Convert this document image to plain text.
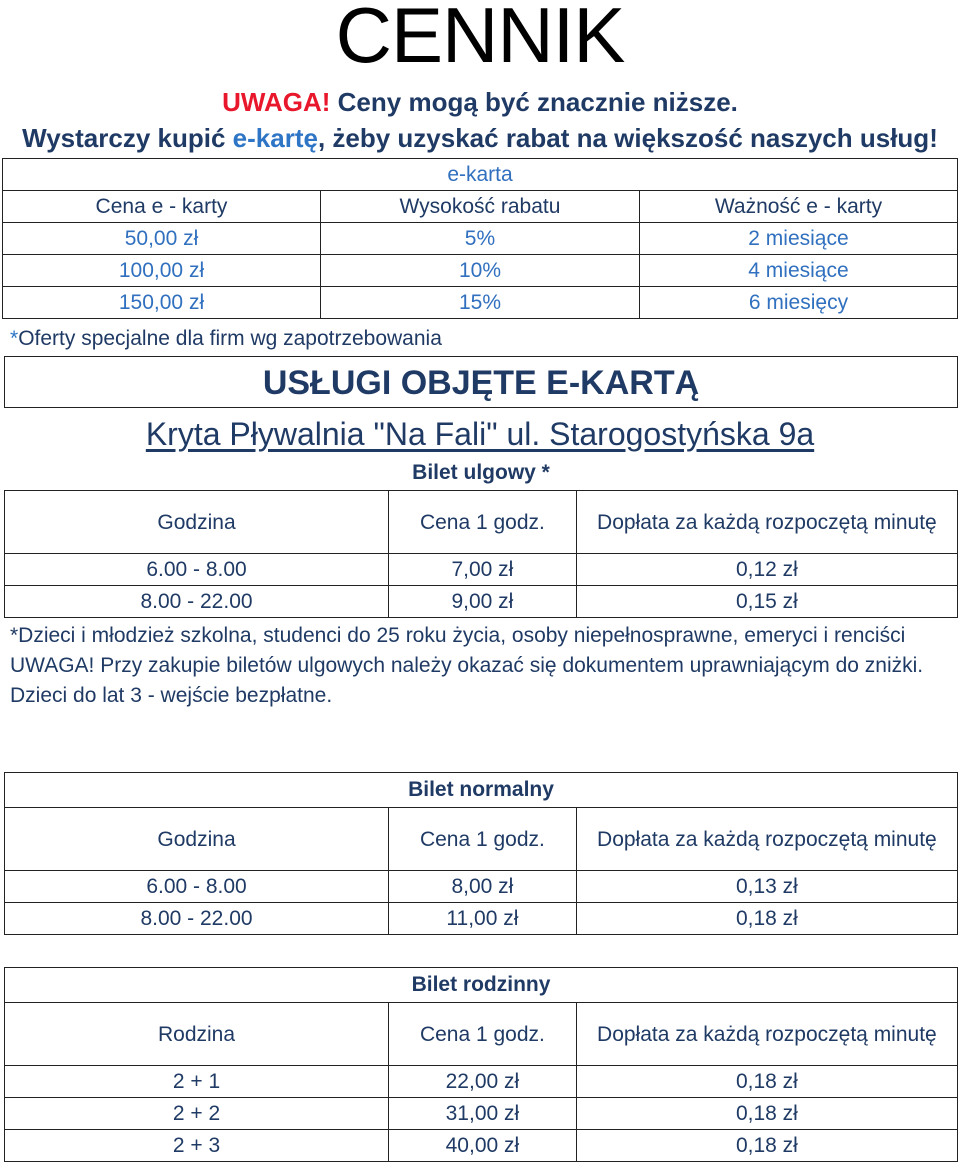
CENNIK
UWAGA! Ceny mogą być znacznie niższe.
Wystarczy kupić e-kartę, żeby uzyskać rabat na większość naszych usług!
e-karta		
Cena e - karty	Wysokość rabatu	Ważność e - karty
50,00 zł	5%	2 miesiące
100,00 zł	10%	4 miesiące
150,00 zł	15%	6 miesięcy
*Oferty specjalne dla firm wg zapotrzebowania
USŁUGI OBJĘTE E-KARTĄ
Kryta Pływalnia "Na Fali" ul. Starogostyńska 9a
Bilet ulgowy *		
Godzina	Cena 1 godz.	Dopłata za każdą rozpoczętą minutę
6.00 - 8.00	7,00 zł	0,12 zł
8.00 - 22.00	9,00 zł	0,15 zł

*Dzieci i młodzież szkolna, studenci do 25 roku życia, osoby niepełnosprawne, emeryci i renciści

UWAGA! Przy zakupie biletów ulgowych należy okazać się dokumentem uprawniającym do zniżki.

Dzieci do lat 3 - wejście bezpłatne.

Bilet normalny		
Godzina	Cena 1 godz.	Dopłata za każdą rozpoczętą minutę
6.00 - 8.00	8,00 zł	0,13 zł
8.00 - 22.00	11,00 zł	0,18 zł
Bilet rodzinny		
Rodzina	Cena 1 godz.	Dopłata za każdą rozpoczętą minutę
2 + 1	22,00 zł	0,18 zł
2 + 2	31,00 zł	0,18 zł
2 + 3	40,00 zł	0,18 zł
